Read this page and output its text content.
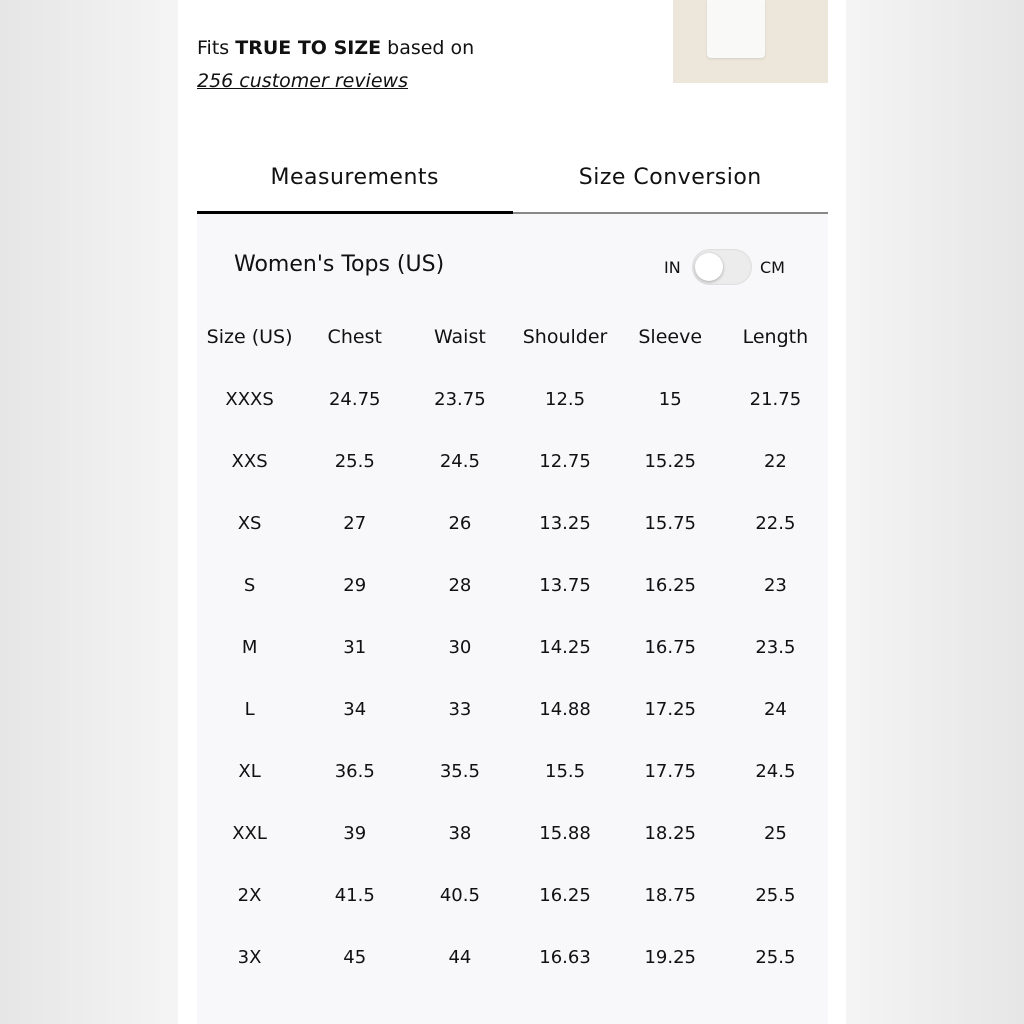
Fits TRUE TO SIZE based on
256 customer reviews
Measurements	Size Conversion
Women's Tops (US)	IN	CM
Size (US)	Chest	Waist	Shoulder	Sleeve	Length
XXXS	24.75	23.75	12.5	15	21.75
XXS	25.5	24.5	12.75	15.25	22
XS	27	26	13.25	15.75	22.5
S	29	28	13.75	16.25	23
M	31	30	14.25	16.75	23.5
L	34	33	14.88	17.25	24
XL	36.5	35.5	15.5	17.75	24.5
XXL	39	38	15.88	18.25	25
2X	41.5	40.5	16.25	18.75	25.5
3X	45	44	16.63	19.25	25.5
